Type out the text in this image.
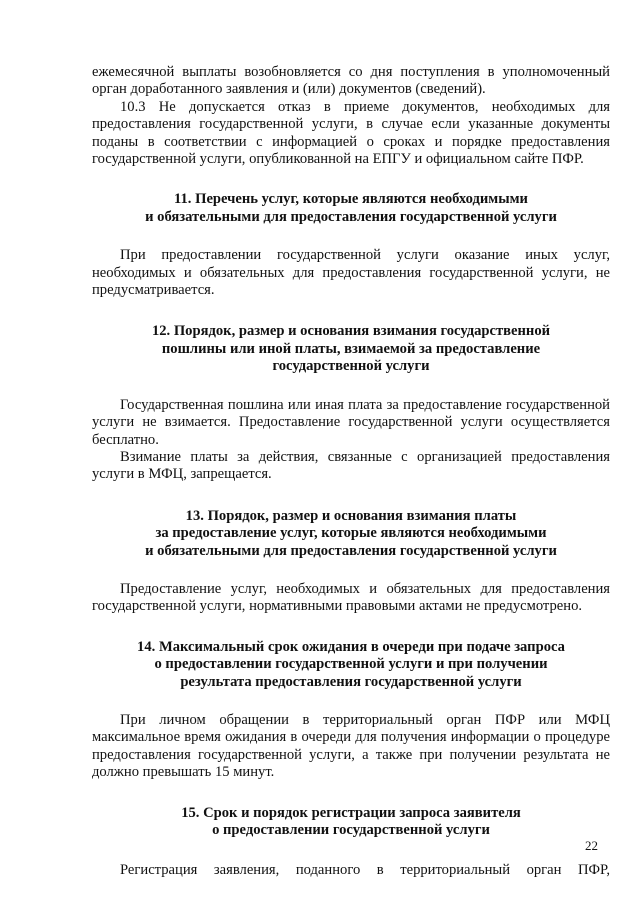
ежемесячной выплаты возобновляется со дня поступления в уполномоченный орган доработанного заявления и (или) документов (сведений).

10.3 Не допускается отказ в приеме документов, необходимых для предоставления государственной услуги, в случае если указанные документы поданы в соответствии с информацией о сроках и порядке предоставления государственной услуги, опубликованной на ЕПГУ и официальном сайте ПФР.

11. Перечень услуг, которые являются необходимыми
и обязательными для предоставления государственной услуги

При предоставлении государственной услуги оказание иных услуг, необходимых и обязательных для предоставления государственной услуги, не предусматривается.

12. Порядок, размер и основания взимания государственной
пошлины или иной платы, взимаемой за предоставление
государственной услуги

Государственная пошлина или иная плата за предоставление государственной услуги не взимается. Предоставление государственной услуги осуществляется бесплатно.

Взимание платы за действия, связанные с организацией предоставления услуги в МФЦ, запрещается.

13. Порядок, размер и основания взимания платы
за предоставление услуг, которые являются необходимыми
и обязательными для предоставления государственной услуги

Предоставление услуг, необходимых и обязательных для предоставления государственной услуги, нормативными правовыми актами не предусмотрено.

14. Максимальный срок ожидания в очереди при подаче запроса
о предоставлении государственной услуги и при получении
результата предоставления государственной услуги

При личном обращении в территориальный орган ПФР или МФЦ максимальное время ожидания в очереди для получения информации о процедуре предоставления государственной услуги, а также при получении результата не должно превышать 15 минут.

15. Срок и порядок регистрации запроса заявителя
о предоставлении государственной услуги

Регистрация заявления, поданного в территориальный орган ПФР,

22
